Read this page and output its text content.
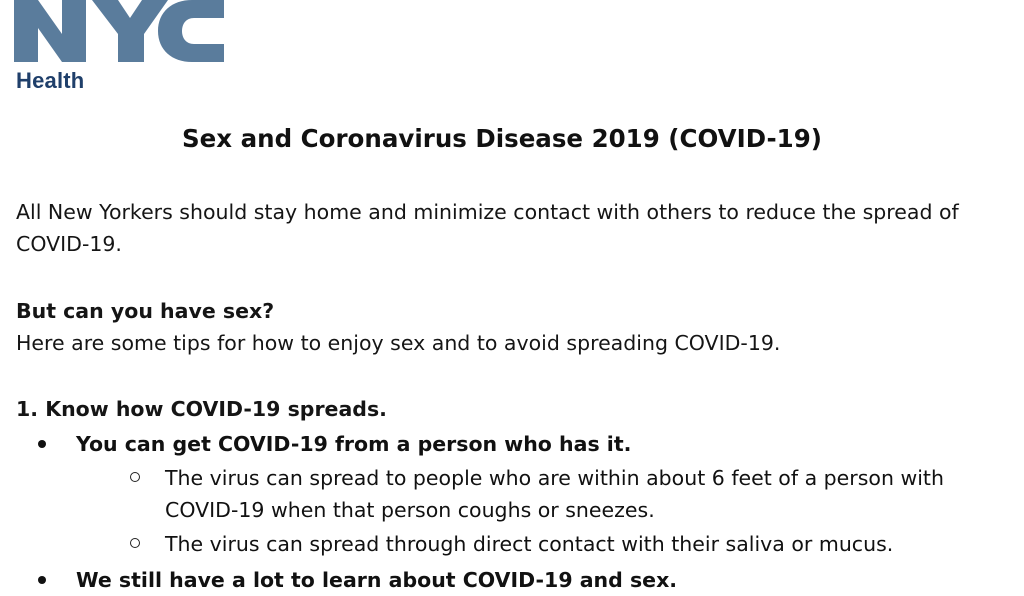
Health
Sex and Coronavirus Disease 2019 (COVID-19)
All New Yorkers should stay home and minimize contact with others to reduce the spread of COVID-19.
But can you have sex?
Here are some tips for how to enjoy sex and to avoid spreading COVID-19.
1. Know how COVID-19 spreads.
You can get COVID-19 from a person who has it.
The virus can spread to people who are within about 6 feet of a person with COVID-19 when that person coughs or sneezes.
The virus can spread through direct contact with their saliva or mucus.
We still have a lot to learn about COVID-19 and sex.
